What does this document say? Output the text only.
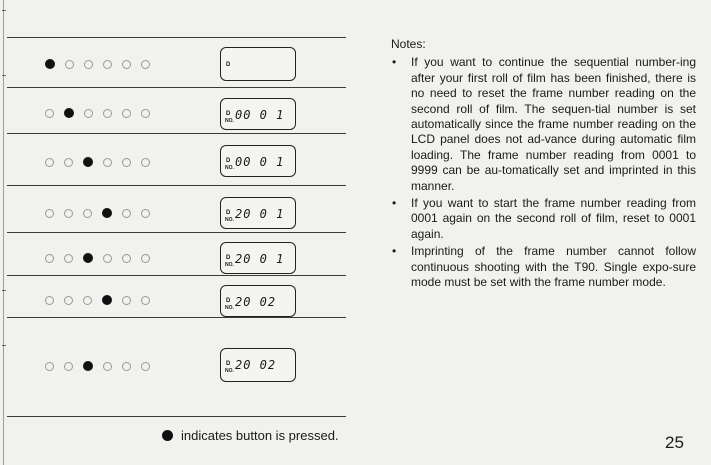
D
D
NO. 00 0 1
D
NO. 00 0 1
D
NO. 20 0 1
D
NO. 20 0 1
D
NO. 20 02
D
NO. 20 02
indicates button is pressed.

Notes:

• If you want to continue the sequential number-ing after your first roll of film has been finished, there is no need to reset the frame number reading on the second roll of film. The sequen-tial number is set automatically since the frame number reading on the LCD panel does not ad-vance during automatic film loading. The frame number reading from 0001 to 9999 can be au-tomatically set and imprinted in this manner.
• If you want to start the frame number reading from 0001 again on the second roll of film, reset to 0001 again.
• Imprinting of the frame number cannot follow continuous shooting with the T90. Single expo-sure mode must be set with the frame number mode.
25
